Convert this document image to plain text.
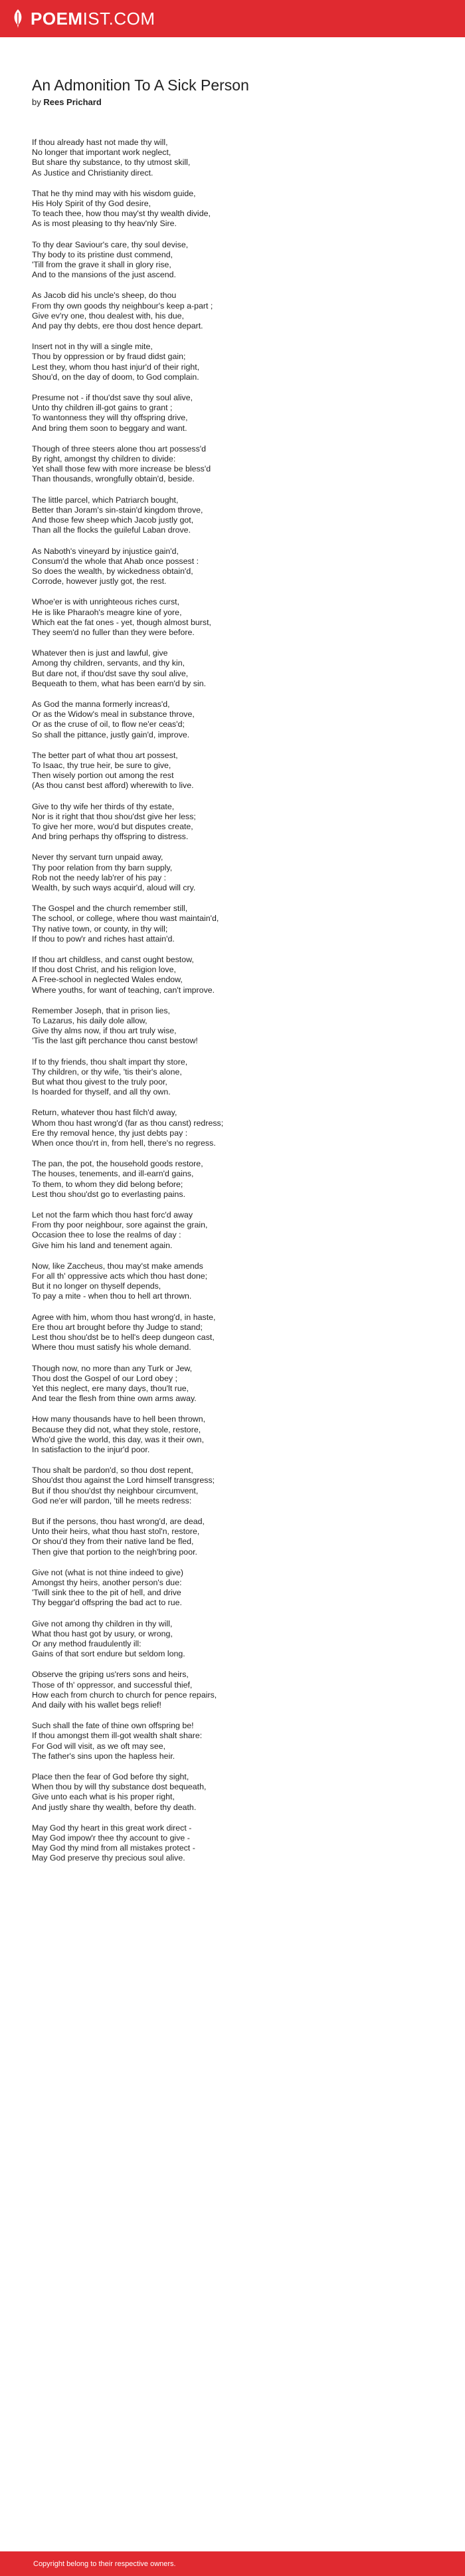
POEMIST.COM
An Admonition To A Sick Person
by Rees Prichard

If thou already hast not made thy will,
No longer that important work neglect,
But share thy substance, to thy utmost skill,
As Justice and Christianity direct.

That he thy mind may with his wisdom guide,
His Holy Spirit of thy God desire,
To teach thee, how thou may'st thy wealth divide,
As is most pleasing to thy heav'nly Sire.

To thy dear Saviour's care, thy soul devise,
Thy body to its pristine dust commend,
'Till from the grave it shall in glory rise,
And to the mansions of the just ascend.

As Jacob did his uncle's sheep, do thou
From thy own goods thy neighbour's keep a-part ;
Give ev'ry one, thou dealest with, his due,
And pay thy debts, ere thou dost hence depart.

Insert not in thy will a single mite,
Thou by oppression or by fraud didst gain;
Lest they, whom thou hast injur'd of their right,
Shou'd, on the day of doom, to God complain.

Presume not - if thou'dst save thy soul alive,
Unto thy children ill-got gains to grant ;
To wantonness they will thy offspring drive,
And bring them soon to beggary and want.

Though of three steers alone thou art possess'd
By right, amongst thy children to divide:
Yet shall those few with more increase be bless'd
Than thousands, wrongfully obtain'd, beside.

The little parcel, which Patriarch bought,
Better than Joram's sin-stain'd kingdom throve,
And those few sheep which Jacob justly got,
Than all the flocks the guileful Laban drove.

As Naboth's vineyard by injustice gain'd,
Consum'd the whole that Ahab once possest :
So does the wealth, by wickedness obtain'd,
Corrode, however justly got, the rest.

Whoe'er is with unrighteous riches curst,
He is like Pharaoh's meagre kine of yore,
Which eat the fat ones - yet, though almost burst,
They seem'd no fuller than they were before.

Whatever then is just and lawful, give
Among thy children, servants, and thy kin,
But dare not, if thou'dst save thy soul alive,
Bequeath to them, what has been earn'd by sin.

As God the manna formerly increas'd,
Or as the Widow's meal in substance throve,
Or as the cruse of oil, to flow ne'er ceas'd;
So shall the pittance, justly gain'd, improve.

The better part of what thou art possest,
To Isaac, thy true heir, be sure to give,
Then wisely portion out among the rest
(As thou canst best afford) wherewith to live.

Give to thy wife her thirds of thy estate,
Nor is it right that thou shou'dst give her less;
To give her more, wou'd but disputes create,
And bring perhaps thy offspring to distress.

Never thy servant turn unpaid away,
Thy poor relation from thy barn supply,
Rob not the needy lab'rer of his pay :
Wealth, by such ways acquir'd, aloud will cry.

The Gospel and the church remember still,
The school, or college, where thou wast maintain'd,
Thy native town, or county, in thy will;
If thou to pow'r and riches hast attain'd.

If thou art childless, and canst ought bestow,
If thou dost Christ, and his religion love,
A Free-school in neglected Wales endow,
Where youths, for want of teaching, can't improve.

Remember Joseph, that in prison lies,
To Lazarus, his daily dole allow,
Give thy alms now, if thou art truly wise,
'Tis the last gift perchance thou canst bestow!

If to thy friends, thou shalt impart thy store,
Thy children, or thy wife, 'tis their's alone,
But what thou givest to the truly poor,
Is hoarded for thyself, and all thy own.

Return, whatever thou hast filch'd away,
Whom thou hast wrong'd (far as thou canst) redress;
Ere thy removal hence, thy just debts pay :
When once thou'rt in, from hell, there's no regress.

The pan, the pot, the household goods restore,
The houses, tenements, and ill-earn'd gains,
To them, to whom they did belong before;
Lest thou shou'dst go to everlasting pains.

Let not the farm which thou hast forc'd away
From thy poor neighbour, sore against the grain,
Occasion thee to lose the realms of day :
Give him his land and tenement again.

Now, like Zaccheus, thou may'st make amends
For all th' oppressive acts which thou hast done;
But it no longer on thyself depends,
To pay a mite - when thou to hell art thrown.

Agree with him, whom thou hast wrong'd, in haste,
Ere thou art brought before thy Judge to stand;
Lest thou shou'dst be to hell's deep dungeon cast,
Where thou must satisfy his whole demand.

Though now, no more than any Turk or Jew,
Thou dost the Gospel of our Lord obey ;
Yet this neglect, ere many days, thou'lt rue,
And tear the flesh from thine own arms away.

How many thousands have to hell been thrown,
Because they did not, what they stole, restore,
Who'd give the world, this day, was it their own,
In satisfaction to the injur'd poor.

Thou shalt be pardon'd, so thou dost repent,
Shou'dst thou against the Lord himself transgress;
But if thou shou'dst thy neighbour circumvent,
God ne'er will pardon, 'till he meets redress:

But if the persons, thou hast wrong'd, are dead,
Unto their heirs, what thou hast stol'n, restore,
Or shou'd they from their native land be fled,
Then give that portion to the neigh'bring poor.

Give not (what is not thine indeed to give)
Amongst thy heirs, another person's due:
'Twill sink thee to the pit of hell, and drive
Thy beggar'd offspring the bad act to rue.

Give not among thy children in thy will,
What thou hast got by usury, or wrong,
Or any method fraudulently ill:
Gains of that sort endure but seldom long.

Observe the griping us'rers sons and heirs,
Those of th' oppressor, and successful thief,
How each from church to church for pence repairs,
And daily with his wallet begs relief!

Such shall the fate of thine own offspring be!
If thou amongst them ill-got wealth shalt share:
For God will visit, as we oft may see,
The father's sins upon the hapless heir.

Place then the fear of God before thy sight,
When thou by will thy substance dost bequeath,
Give unto each what is his proper right,
And justly share thy wealth, before thy death.

May God thy heart in this great work direct -
May God impow'r thee thy account to give -
May God thy mind from all mistakes protect -
May God preserve thy precious soul alive.

Copyright belong to their respective owners.
